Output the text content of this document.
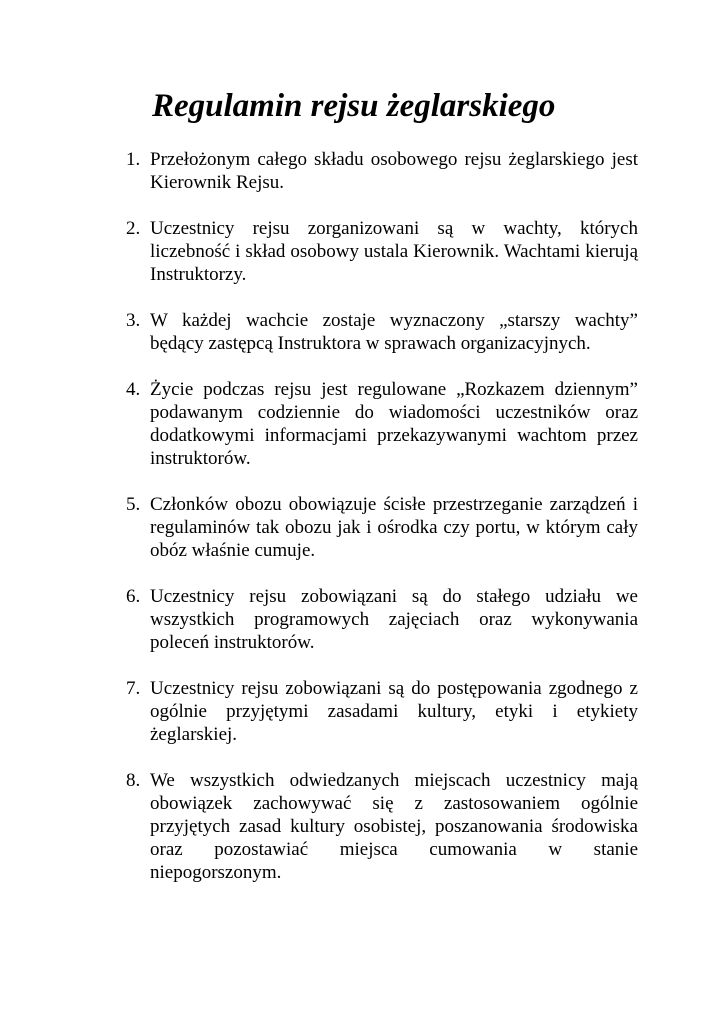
Regulamin rejsu żeglarskiego
1. Przełożonym całego składu osobowego rejsu żeglarskiego jest Kierownik Rejsu.
2. Uczestnicy rejsu zorganizowani są w wachty, których liczebność i skład osobowy ustala Kierownik. Wachtami kierują Instruktorzy.
3. W każdej wachcie zostaje wyznaczony „starszy wachty” będący zastępcą Instruktora w sprawach organizacyjnych.
4. Życie podczas rejsu jest regulowane „Rozkazem dziennym” podawanym codziennie do wiadomości uczestników oraz dodatkowymi informacjami przekazywanymi wachtom przez instruktorów.
5. Członków obozu obowiązuje ścisłe przestrzeganie zarządzeń i regulaminów tak obozu jak i ośrodka czy portu, w którym cały obóz właśnie cumuje.
6. Uczestnicy rejsu zobowiązani są do stałego udziału we wszystkich programowych zajęciach oraz wykonywania poleceń instruktorów.
7. Uczestnicy rejsu zobowiązani są do postępowania zgodnego z ogólnie przyjętymi zasadami kultury, etyki i etykiety żeglarskiej.
8. We wszystkich odwiedzanych miejscach uczestnicy mają obowiązek zachowywać się z zastosowaniem ogólnie przyjętych zasad kultury osobistej, poszanowania środowiska oraz pozostawiać miejsca cumowania w stanie niepogorszonym.
